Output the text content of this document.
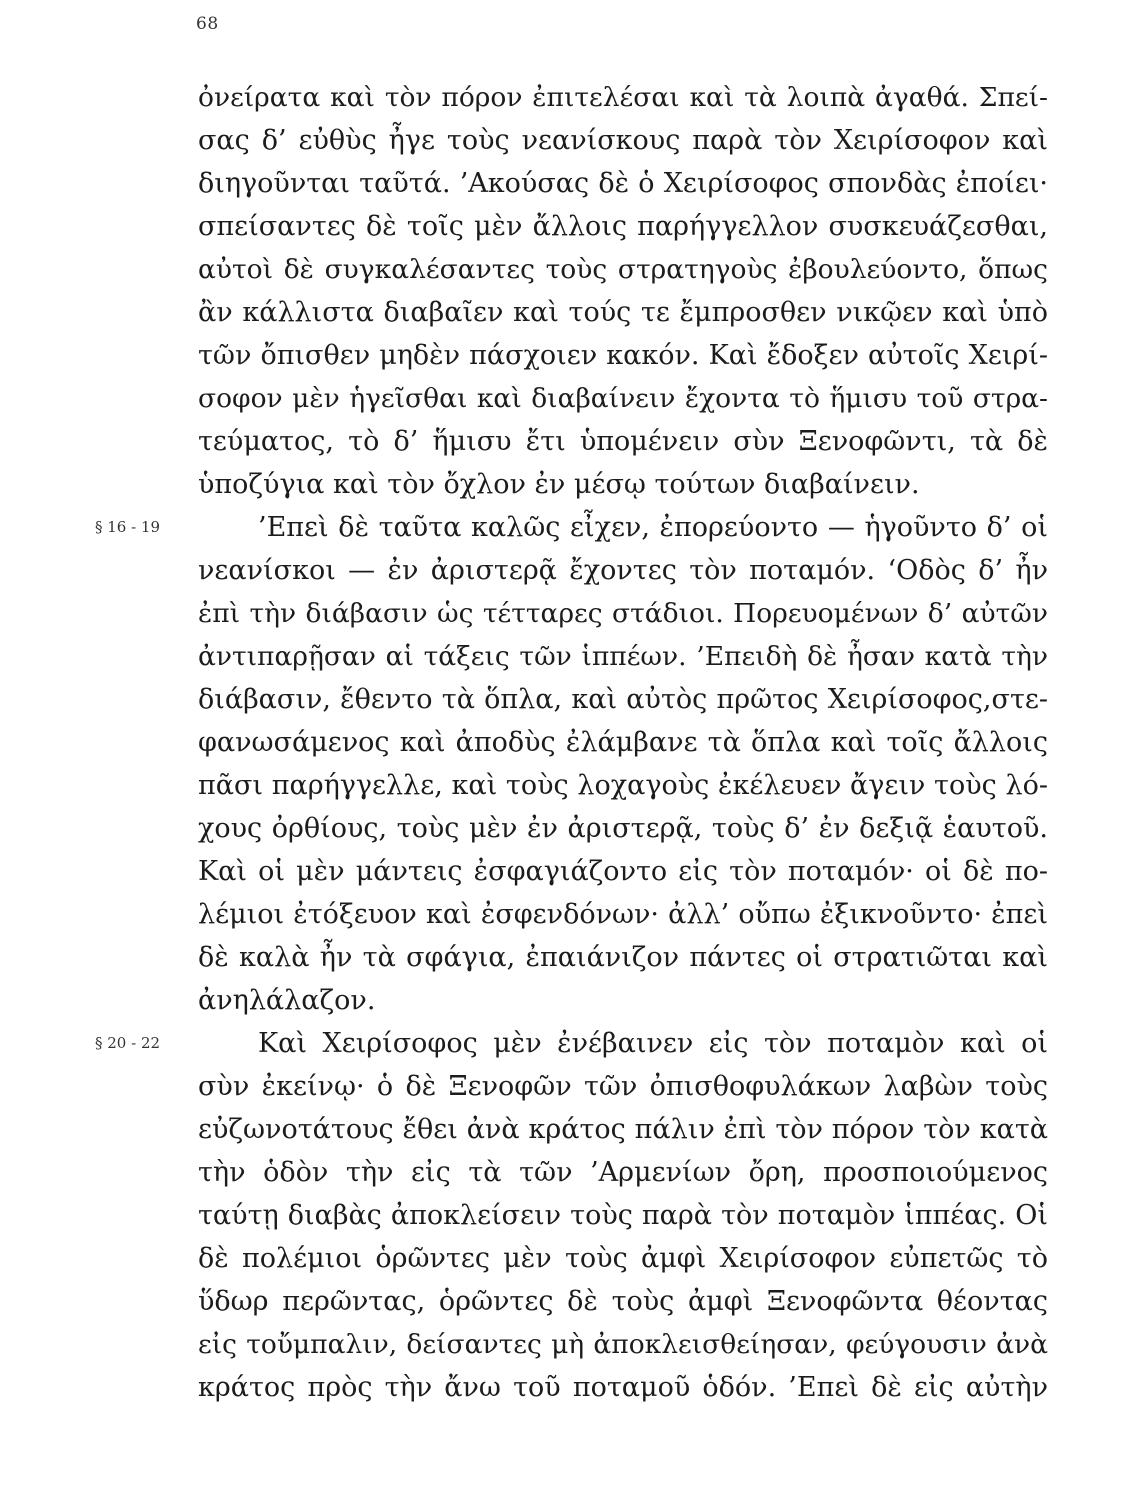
68
ὀνείρατα καὶ τὸν πόρον ἐπιτελέσαι καὶ τὰ λοιπὰ ἀγαθά. Σπεί-
σας δ’ εὐθὺς ἦγε τοὺς νεανίσκους παρὰ τὸν Χειρίσοφον καὶ
διηγοῦνται ταῦτά. ’Ακούσας δὲ ὁ Χειρίσοφος σπονδὰς ἐποίει·
σπείσαντες δὲ τοῖς μὲν ἄλλοις παρήγγελλον συσκευάζεσθαι,
αὐτοὶ δὲ συγκαλέσαντες τοὺς στρατηγοὺς ἐβουλεύοντο, ὅπως
ἂν κάλλιστα διαβαῖεν καὶ τούς τε ἔμπροσθεν νικῷεν καὶ ὑπὸ
τῶν ὄπισθεν μηδὲν πάσχοιεν κακόν. Καὶ ἔδοξεν αὐτοῖς Χειρί-
σοφον μὲν ἡγεῖσθαι καὶ διαβαίνειν ἔχοντα τὸ ἥμισυ τοῦ στρα-
τεύματος, τὸ δ’ ἥμισυ ἔτι ὑπομένειν σὺν Ξενοφῶντι, τὰ δὲ
ὑποζύγια καὶ τὸν ὄχλον ἐν μέσῳ τούτων διαβαίνειν.
§ 16 - 19	’Επεὶ δὲ ταῦτα καλῶς εἶχεν, ἐπορεύοντο — ἡγοῦντο δ’ οἱ
νεανίσκοι — ἐν ἀριστερᾷ ἔχοντες τὸν ποταμόν. ‘Οδὸς δ’ ἦν
ἐπὶ τὴν διάβασιν ὡς τέτταρες στάδιοι. Πορευομένων δ’ αὐτῶν
ἀντιπαρῇσαν αἱ τάξεις τῶν ἱππέων. ’Επειδὴ δὲ ἦσαν κατὰ τὴν
διάβασιν, ἔθεντο τὰ ὅπλα, καὶ αὐτὸς πρῶτος Χειρίσοφος,στε-
φανωσάμενος καὶ ἀποδὺς ἐλάμβανε τὰ ὅπλα καὶ τοῖς ἄλλοις
πᾶσι παρήγγελλε, καὶ τοὺς λοχαγοὺς ἐκέλευεν ἄγειν τοὺς λό-
χους ὀρθίους, τοὺς μὲν ἐν ἀριστερᾷ, τοὺς δ’ ἐν δεξιᾷ ἑαυτοῦ.
Καὶ οἱ μὲν μάντεις ἐσφαγιάζοντο εἰς τὸν ποταμόν· οἱ δὲ πο-
λέμιοι ἐτόξευον καὶ ἐσφενδόνων· ἀλλ’ οὔπω ἐξικνοῦντο· ἐπεὶ
δὲ καλὰ ἦν τὰ σφάγια, ἐπαιάνιζον πάντες οἱ στρατιῶται καὶ
ἀνηλάλαζον.
§ 20 - 22	Καὶ Χειρίσοφος μὲν ἐνέβαινεν εἰς τὸν ποταμὸν καὶ οἱ
σὺν ἐκείνῳ· ὁ δὲ Ξενοφῶν τῶν ὀπισθοφυλάκων λαβὼν τοὺς
εὐζωνοτάτους ἔθει ἀνὰ κράτος πάλιν ἐπὶ τὸν πόρον τὸν κατὰ
τὴν ὁδὸν τὴν εἰς τὰ τῶν ’Αρμενίων ὄρη, προσποιούμενος
ταύτῃ διαβὰς ἀποκλείσειν τοὺς παρὰ τὸν ποταμὸν ἱππέας. Οἱ
δὲ πολέμιοι ὁρῶντες μὲν τοὺς ἀμφὶ Χειρίσοφον εὐπετῶς τὸ
ὕδωρ περῶντας, ὁρῶντες δὲ τοὺς ἀμφὶ Ξενοφῶντα θέοντας
εἰς τοὔμπαλιν, δείσαντες μὴ ἀποκλεισθείησαν, φεύγουσιν ἀνὰ
κράτος πρὸς τὴν ἄνω τοῦ ποταμοῦ ὁδόν. ’Επεὶ δὲ εἰς αὐτὴν
